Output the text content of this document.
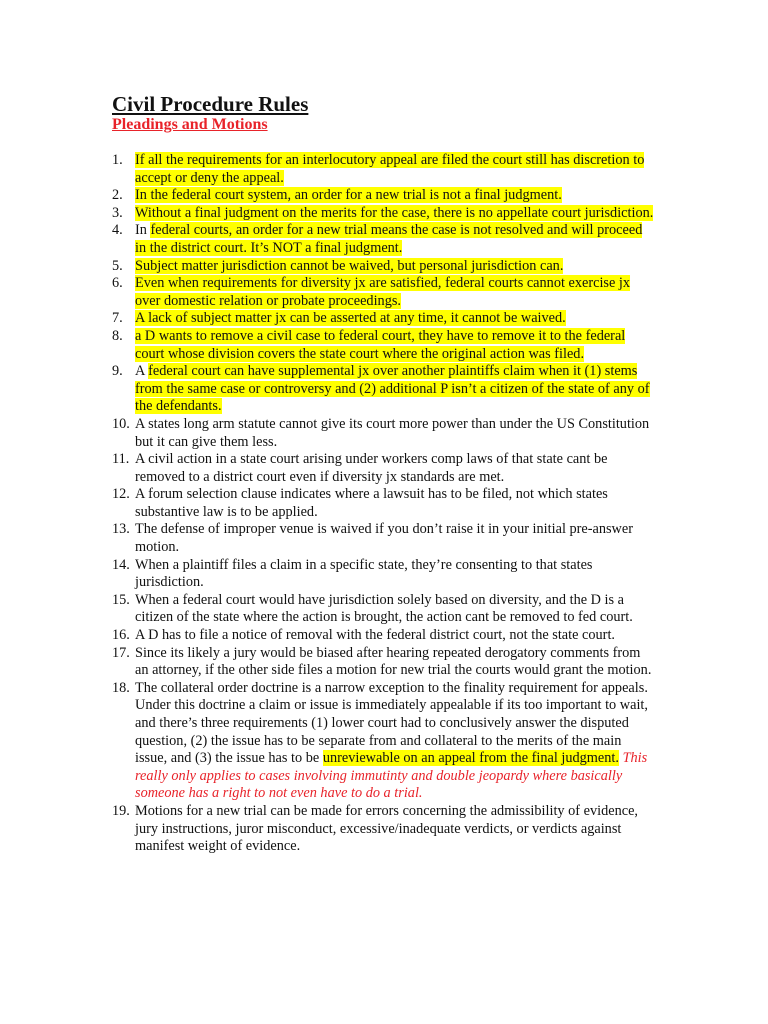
Civil Procedure Rules
Pleadings and Motions
1. If all the requirements for an interlocutory appeal are filed the court still has discretion to accept or deny the appeal.
2. In the federal court system, an order for a new trial is not a final judgment.
3. Without a final judgment on the merits for the case, there is no appellate court jurisdiction.
4. In federal courts, an order for a new trial means the case is not resolved and will proceed in the district court. It’s NOT a final judgment.
5. Subject matter jurisdiction cannot be waived, but personal jurisdiction can.
6. Even when requirements for diversity jx are satisfied, federal courts cannot exercise jx over domestic relation or probate proceedings.
7. A lack of subject matter jx can be asserted at any time, it cannot be waived.
8. a D wants to remove a civil case to federal court, they have to remove it to the federal court whose division covers the state court where the original action was filed.
9. A federal court can have supplemental jx over another plaintiffs claim when it (1) stems from the same case or controversy and (2) additional P isn’t a citizen of the state of any of the defendants.
10. A states long arm statute cannot give its court more power than under the US Constitution but it can give them less.
11. A civil action in a state court arising under workers comp laws of that state cant be removed to a district court even if diversity jx standards are met.
12. A forum selection clause indicates where a lawsuit has to be filed, not which states substantive law is to be applied.
13. The defense of improper venue is waived if you don’t raise it in your initial pre-answer motion.
14. When a plaintiff files a claim in a specific state, they’re consenting to that states jurisdiction.
15. When a federal court would have jurisdiction solely based on diversity, and the D is a citizen of the state where the action is brought, the action cant be removed to fed court.
16. A D has to file a notice of removal with the federal district court, not the state court.
17. Since its likely a jury would be biased after hearing repeated derogatory comments from an attorney, if the other side files a motion for new trial the courts would grant the motion.
18. The collateral order doctrine is a narrow exception to the finality requirement for appeals. Under this doctrine a claim or issue is immediately appealable if its too important to wait, and there’s three requirements (1) lower court had to conclusively answer the disputed question, (2) the issue has to be separate from and collateral to the merits of the main issue, and (3) the issue has to be unreviewable on an appeal from the final judgment. This really only applies to cases involving immutinty and double jeopardy where basically someone has a right to not even have to do a trial.
19. Motions for a new trial can be made for errors concerning the admissibility of evidence, jury instructions, juror misconduct, excessive/inadequate verdicts, or verdicts against manifest weight of evidence.
